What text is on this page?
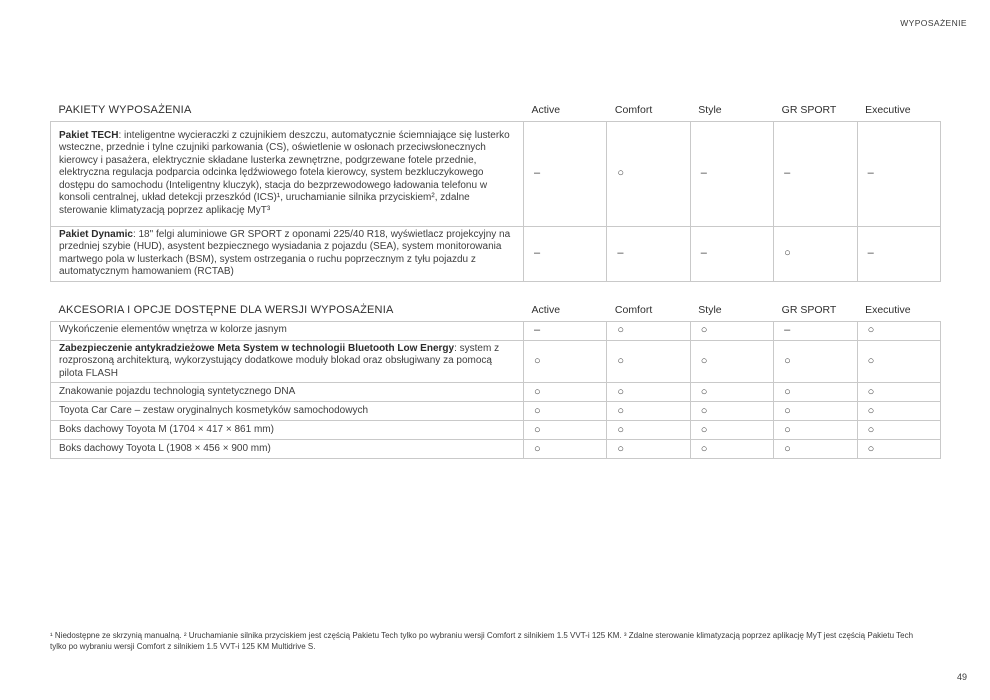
WYPOSAŻENIE
PAKIETY WYPOSAŻENIA	Active	Comfort	Style	GR SPORT	Executive
Pakiet TECH: inteligentne wycieraczki z czujnikiem deszczu, automatycznie ściemniające się lusterko wsteczne, przednie i tylne czujniki parkowania (CS), oświetlenie w osłonach przeciwsłonecznych kierowcy i pasażera, elektrycznie składane lusterka zewnętrzne, podgrzewane fotele przednie, elektryczna regulacja podparcia odcinka lędźwiowego fotela kierowcy, system bezkluczykowego dostępu do samochodu (Inteligentny kluczyk), stacja do bezprzewodowego ładowania telefonu w konsoli centralnej, układ detekcji przeszkód (ICS)¹, uruchamianie silnika przyciskiem², zdalne sterowanie klimatyzacją poprzez aplikację MyT³	–	○	–	–	–
Pakiet Dynamic: 18" felgi aluminiowe GR SPORT z oponami 225/40 R18, wyświetlacz projekcyjny na przedniej szybie (HUD), asystent bezpiecznego wysiadania z pojazdu (SEA), system monitorowania martwego pola w lusterkach (BSM), system ostrzegania o ruchu poprzecznym z tyłu pojazdu z automatycznym hamowaniem (RCTAB)	–	–	–	○	–
AKCESORIA I OPCJE DOSTĘPNE DLA WERSJI WYPOSAŻENIA	Active	Comfort	Style	GR SPORT	Executive
Wykończenie elementów wnętrza w kolorze jasnym	–	○	○	–	○
Zabezpieczenie antykradzieżowe Meta System w technologii Bluetooth Low Energy: system z rozproszoną architekturą, wykorzystujący dodatkowe moduły blokad oraz obsługiwany za pomocą pilota FLASH	○	○	○	○	○
Znakowanie pojazdu technologią syntetycznego DNA	○	○	○	○	○
Toyota Car Care – zestaw oryginalnych kosmetyków samochodowych	○	○	○	○	○
Boks dachowy Toyota M (1704 × 417 × 861 mm)	○	○	○	○	○
Boks dachowy Toyota L (1908 × 456 × 900 mm)	○	○	○	○	○
¹ Niedostępne ze skrzynią manualną. ² Uruchamianie silnika przyciskiem jest częścią Pakietu Tech tylko po wybraniu wersji Comfort z silnikiem 1.5 VVT-i 125 KM. ³ Zdalne sterowanie klimatyzacją poprzez aplikację MyT jest częścią Pakietu Tech tylko po wybraniu wersji Comfort z silnikiem 1.5 VVT-i 125 KM Multidrive S.
49
